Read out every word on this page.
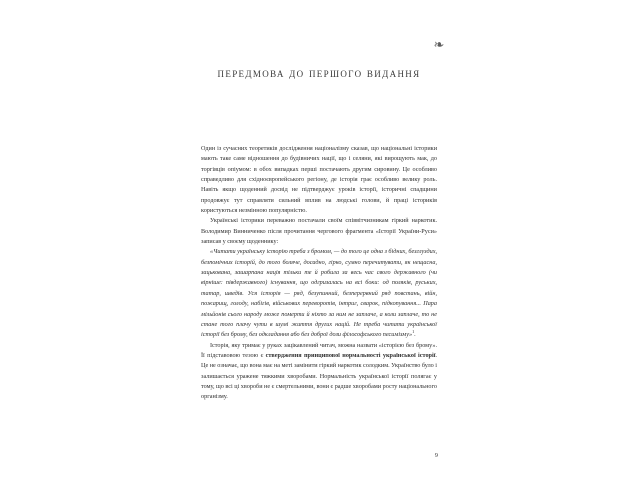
❧
передмова до першого видання

Один із сучасних теоретиків дослідження націоналізму сказав, що національні історики мають таке саме відношення до будівничих нації, що і селяни, які вирощують мак, до торгівців опіумом: в обох випадках перші постачають другим сировину. Це особливо справедливо для східноєвропейського регіону, де історія грає особливо велику роль. Навіть якщо щоденний досвід не підтверджує уроків історії, історичні спадщини продовжує тут справляти сильний вплив на людські голови, й праці істориків користуються незмінною популярністю.

Українські історики переважно постачали своїм співвітчизникам гіркий наркотик. Володимир Винниченко після прочитання чергового фрагмента «Історії України-Руси» записав у своєму щоденнику:

«Читати українську історію треба з бромом, — до того це одна з бідних, безглуздих, безпомічних історій, до того боляче, досадно, гірко, сумно перечитувати, як нещасна, зацькована, зашарпана нація тільки те й робила за весь час свого державного (чи вірніше: півдержавного) існування, що одгризалась на всі боки: од поляків, руських, татар, шведів. Уся історія — ряд, безупинний, безперервний ряд повстань, війн, пожарищ, голоду, набігів, військових переворотів, інтриг, сварок, підкопування... Пара мільйонів сього народу може померти й ніхто за ним не заплаче, а коли заплаче, то не стане того плачу чути в шумі життя других націй. Не треба читати української історії без брому, без одкладання або без доброї дози філософського песимізму»$^1$.

Історія, яку тримає у руках зацікавлений читач, можна назвати «історією без брому». Її підставовою тезою є ствердження принципової нормальності української історії. Це не означає, що вона має на меті замінити гіркий наркотик солодким. Українство було і залишається уражене тяжкими хворобами. Нормальність української історії полягає у тому, що всі ці хвороби не є смертельними, вони є радше хворобами росту національного організму.

9
